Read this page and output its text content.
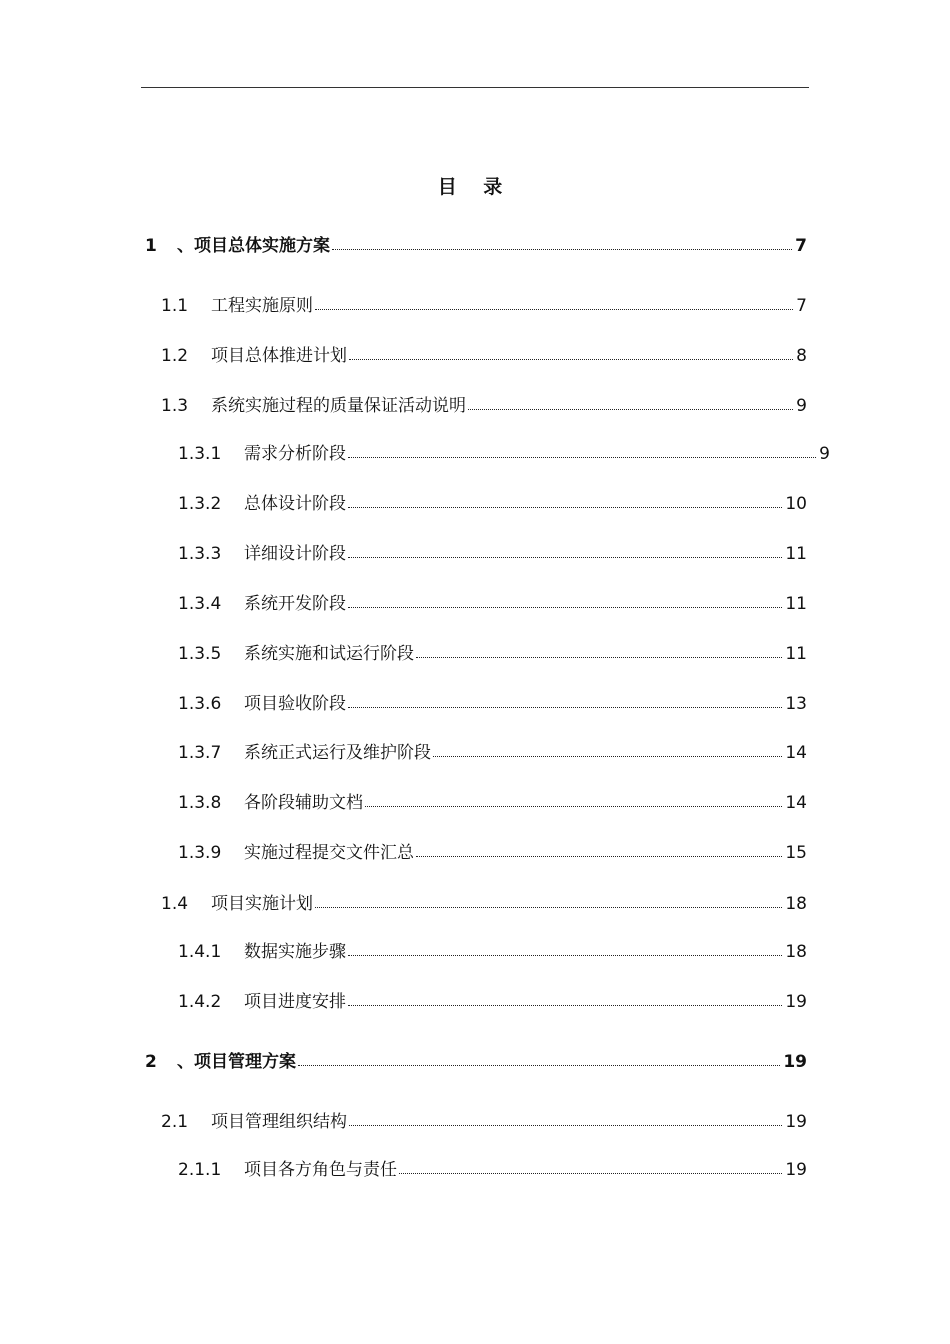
目 录
1	、项目总体实施方案	7
1.1	工程实施原则	7
1.2	项目总体推进计划	8
1.3	系统实施过程的质量保证活动说明	9
1.3.1	需求分析阶段	9
1.3.2	总体设计阶段	10
1.3.3	详细设计阶段	11
1.3.4	系统开发阶段	11
1.3.5	系统实施和试运行阶段	11
1.3.6	项目验收阶段	13
1.3.7	系统正式运行及维护阶段	14
1.3.8	各阶段辅助文档	14
1.3.9	实施过程提交文件汇总	15
1.4	项目实施计划	18
1.4.1	数据实施步骤	18
1.4.2	项目进度安排	19
2	、项目管理方案	19
2.1	项目管理组织结构	19
2.1.1	项目各方角色与责任	19
